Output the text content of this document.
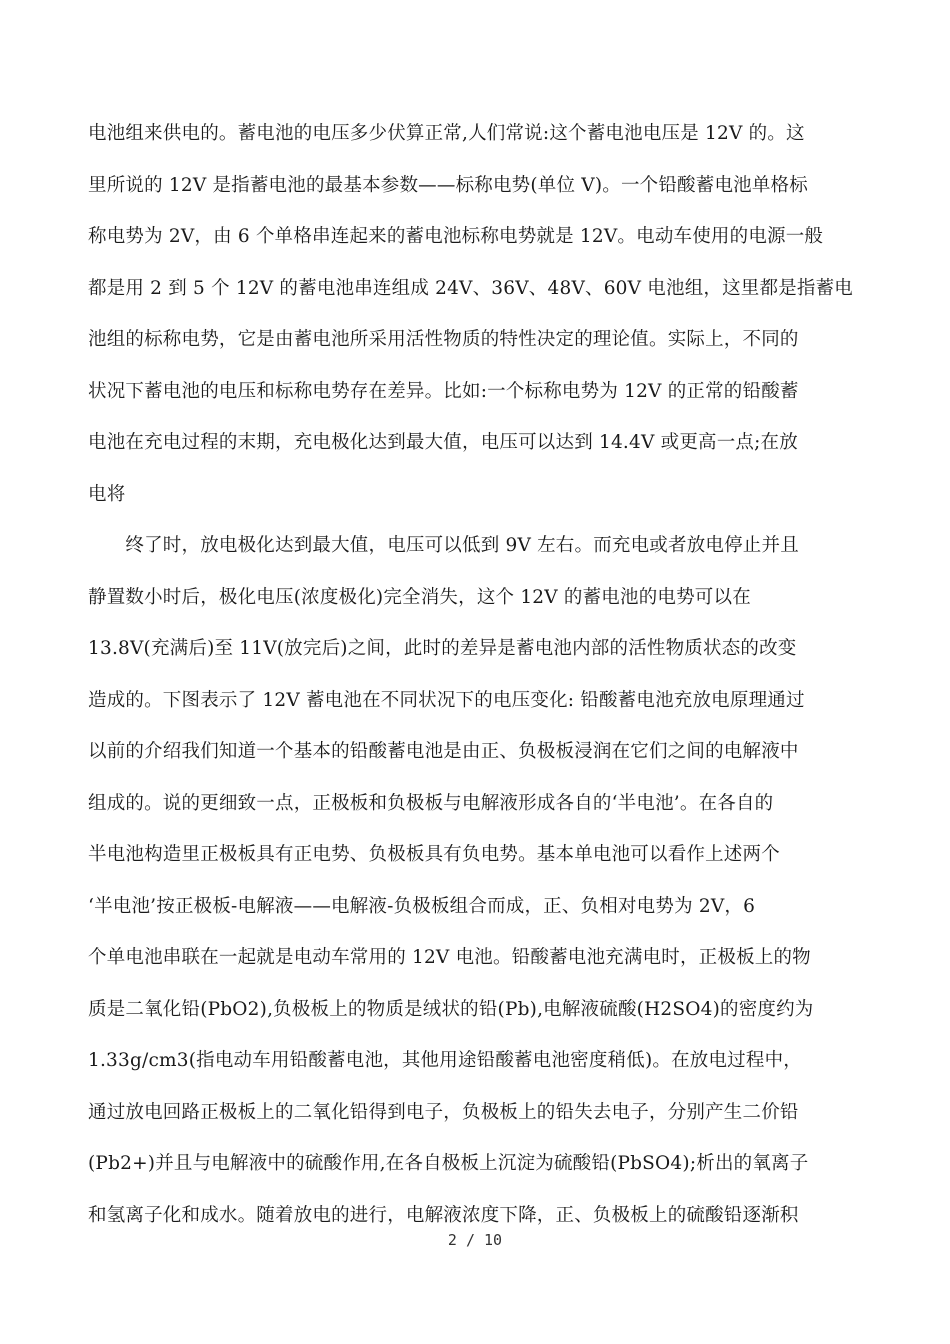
电池组来供电的。蓄电池的电压多少伏算正常,人们常说:这个蓄电池电压是 12V 的。这
里所说的 12V 是指蓄电池的最基本参数——标称电势(单位 V)。一个铅酸蓄电池单格标
称电势为 2V，由 6 个单格串连起来的蓄电池标称电势就是 12V。电动车使用的电源一般
都是用 2 到 5 个 12V 的蓄电池串连组成 24V、36V、48V、60V 电池组，这里都是指蓄电
池组的标称电势，它是由蓄电池所采用活性物质的特性决定的理论值。实际上，不同的
状况下蓄电池的电压和标称电势存在差异。比如:一个标称电势为 12V 的正常的铅酸蓄
电池在充电过程的末期，充电极化达到最大值，电压可以达到 14.4V 或更高一点;在放
电将
　　终了时，放电极化达到最大值，电压可以低到 9V 左右。而充电或者放电停止并且
静置数小时后，极化电压(浓度极化)完全消失，这个 12V 的蓄电池的电势可以在
13.8V(充满后)至 11V(放完后)之间，此时的差异是蓄电池内部的活性物质状态的改变
造成的。下图表示了 12V 蓄电池在不同状况下的电压变化: 铅酸蓄电池充放电原理通过
以前的介绍我们知道一个基本的铅酸蓄电池是由正、负极板浸润在它们之间的电解液中
组成的。说的更细致一点，正极板和负极板与电解液形成各自的‘半电池’。在各自的
半电池构造里正极板具有正电势、负极板具有负电势。基本单电池可以看作上述两个
‘半电池’按正极板-电解液——电解液-负极板组合而成，正、负相对电势为 2V，6
个单电池串联在一起就是电动车常用的 12V 电池。铅酸蓄电池充满电时，正极板上的物
质是二氧化铅(PbO2),负极板上的物质是绒状的铅(Pb),电解液硫酸(H2SO4)的密度约为
1.33g/cm3(指电动车用铅酸蓄电池，其他用途铅酸蓄电池密度稍低)。在放电过程中，
通过放电回路正极板上的二氧化铅得到电子，负极板上的铅失去电子，分别产生二价铅
(Pb2+)并且与电解液中的硫酸作用,在各自极板上沉淀为硫酸铅(PbSO4);析出的氧离子
和氢离子化和成水。随着放电的进行，电解液浓度下降，正、负极板上的硫酸铅逐渐积
2 / 10
